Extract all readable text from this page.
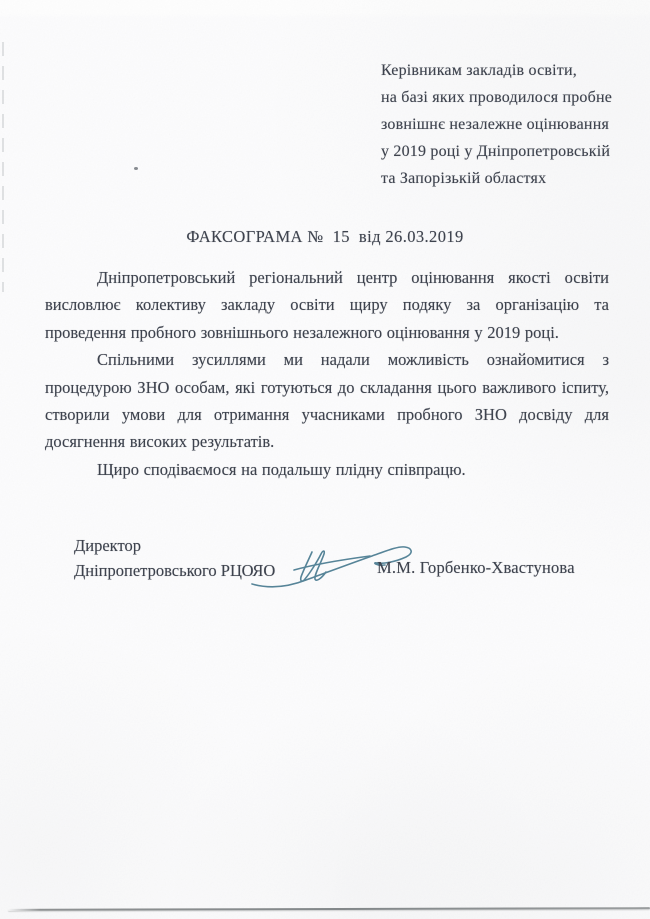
Керівникам закладів освіти,
на базі яких проводилося пробне
зовнішнє незалежне оцінювання
у 2019 році у Дніпропетровській
та Запорізькій областях
ФАКСОГРАМА №  15  від 26.03.2019

Дніпропетровський регіональний центр оцінювання якості освіти висловлює колективу закладу освіти щиру подяку за організацію та проведення пробного зовнішнього незалежного оцінювання у 2019 році.

Спільними зусиллями ми надали можливість ознайомитися з процедурою ЗНО особам, які готуються до складання цього важливого іспиту, створили умови для отримання учасниками пробного ЗНО досвіду для досягнення високих результатів.

Щиро сподіваємося на подальшу плідну співпрацю.

Директор
Дніпропетровського РЦОЯО	М.М. Горбенко-Хвастунова
